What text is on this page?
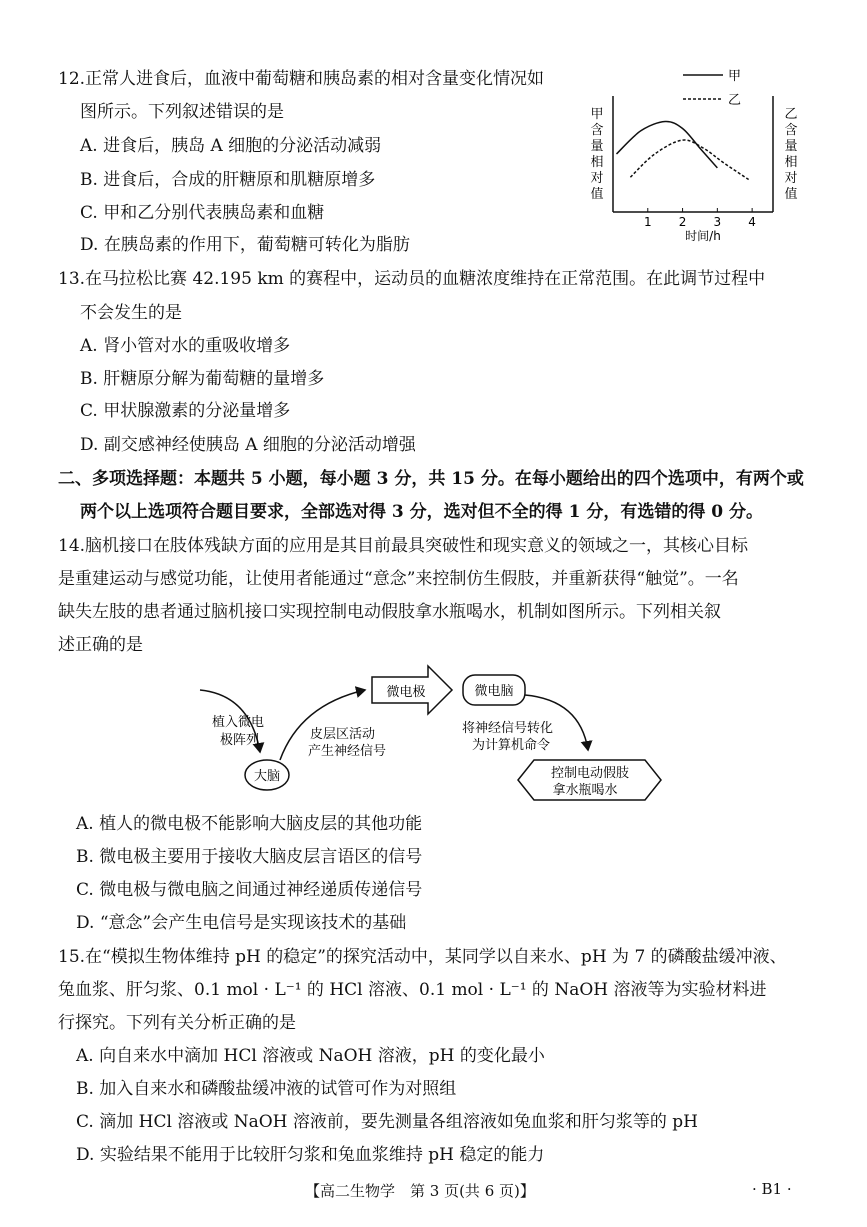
12.正常人进食后，血液中葡萄糖和胰岛素的相对含量变化情况如
图所示。下列叙述错误的是
A. 进食后，胰岛 A 细胞的分泌活动减弱
B. 进食后，合成的肝糖原和肌糖原增多
C. 甲和乙分别代表胰岛素和血糖
D. 在胰岛素的作用下，葡萄糖可转化为脂肪
甲
乙
甲
含
量
相
对
值
乙
含
量
相
对
值
1 2 3 4
时间/h
13.在马拉松比赛 42.195 km 的赛程中，运动员的血糖浓度维持在正常范围。在此调节过程中
不会发生的是
A. 肾小管对水的重吸收增多
B. 肝糖原分解为葡萄糖的量增多
C. 甲状腺激素的分泌量增多
D. 副交感神经使胰岛 A 细胞的分泌活动增强
二、多项选择题：本题共 5 小题，每小题 3 分，共 15 分。在每小题给出的四个选项中，有两个或
两个以上选项符合题目要求，全部选对得 3 分，选对但不全的得 1 分，有选错的得 0 分。
14.脑机接口在肢体残缺方面的应用是其目前最具突破性和现实意义的领域之一，其核心目标
是重建运动与感觉功能，让使用者能通过“意念”来控制仿生假肢，并重新获得“触觉”。一名
缺失左肢的患者通过脑机接口实现控制电动假肢拿水瓶喝水，机制如图所示。下列相关叙
述正确的是
植入微电
极阵列
大脑
皮层区活动
产生神经信号
微电极	微电脑
将神经信号转化
为计算机命令
控制电动假肢
拿水瓶喝水
A. 植人的微电极不能影响大脑皮层的其他功能
B. 微电极主要用于接收大脑皮层言语区的信号
C. 微电极与微电脑之间通过神经递质传递信号
D. “意念”会产生电信号是实现该技术的基础
15.在“模拟生物体维持 pH 的稳定”的探究活动中，某同学以自来水、pH 为 7 的磷酸盐缓冲液、
兔血浆、肝匀浆、0.1 mol · L⁻¹ 的 HCl 溶液、0.1 mol · L⁻¹ 的 NaOH 溶液等为实验材料进
行探究。下列有关分析正确的是
A. 向自来水中滴加 HCl 溶液或 NaOH 溶液，pH 的变化最小
B. 加入自来水和磷酸盐缓冲液的试管可作为对照组
C. 滴加 HCl 溶液或 NaOH 溶液前，要先测量各组溶液如兔血浆和肝匀浆等的 pH
D. 实验结果不能用于比较肝匀浆和兔血浆维持 pH 稳定的能力
【高二生物学　第 3 页(共 6 页)】	· B1 ·
